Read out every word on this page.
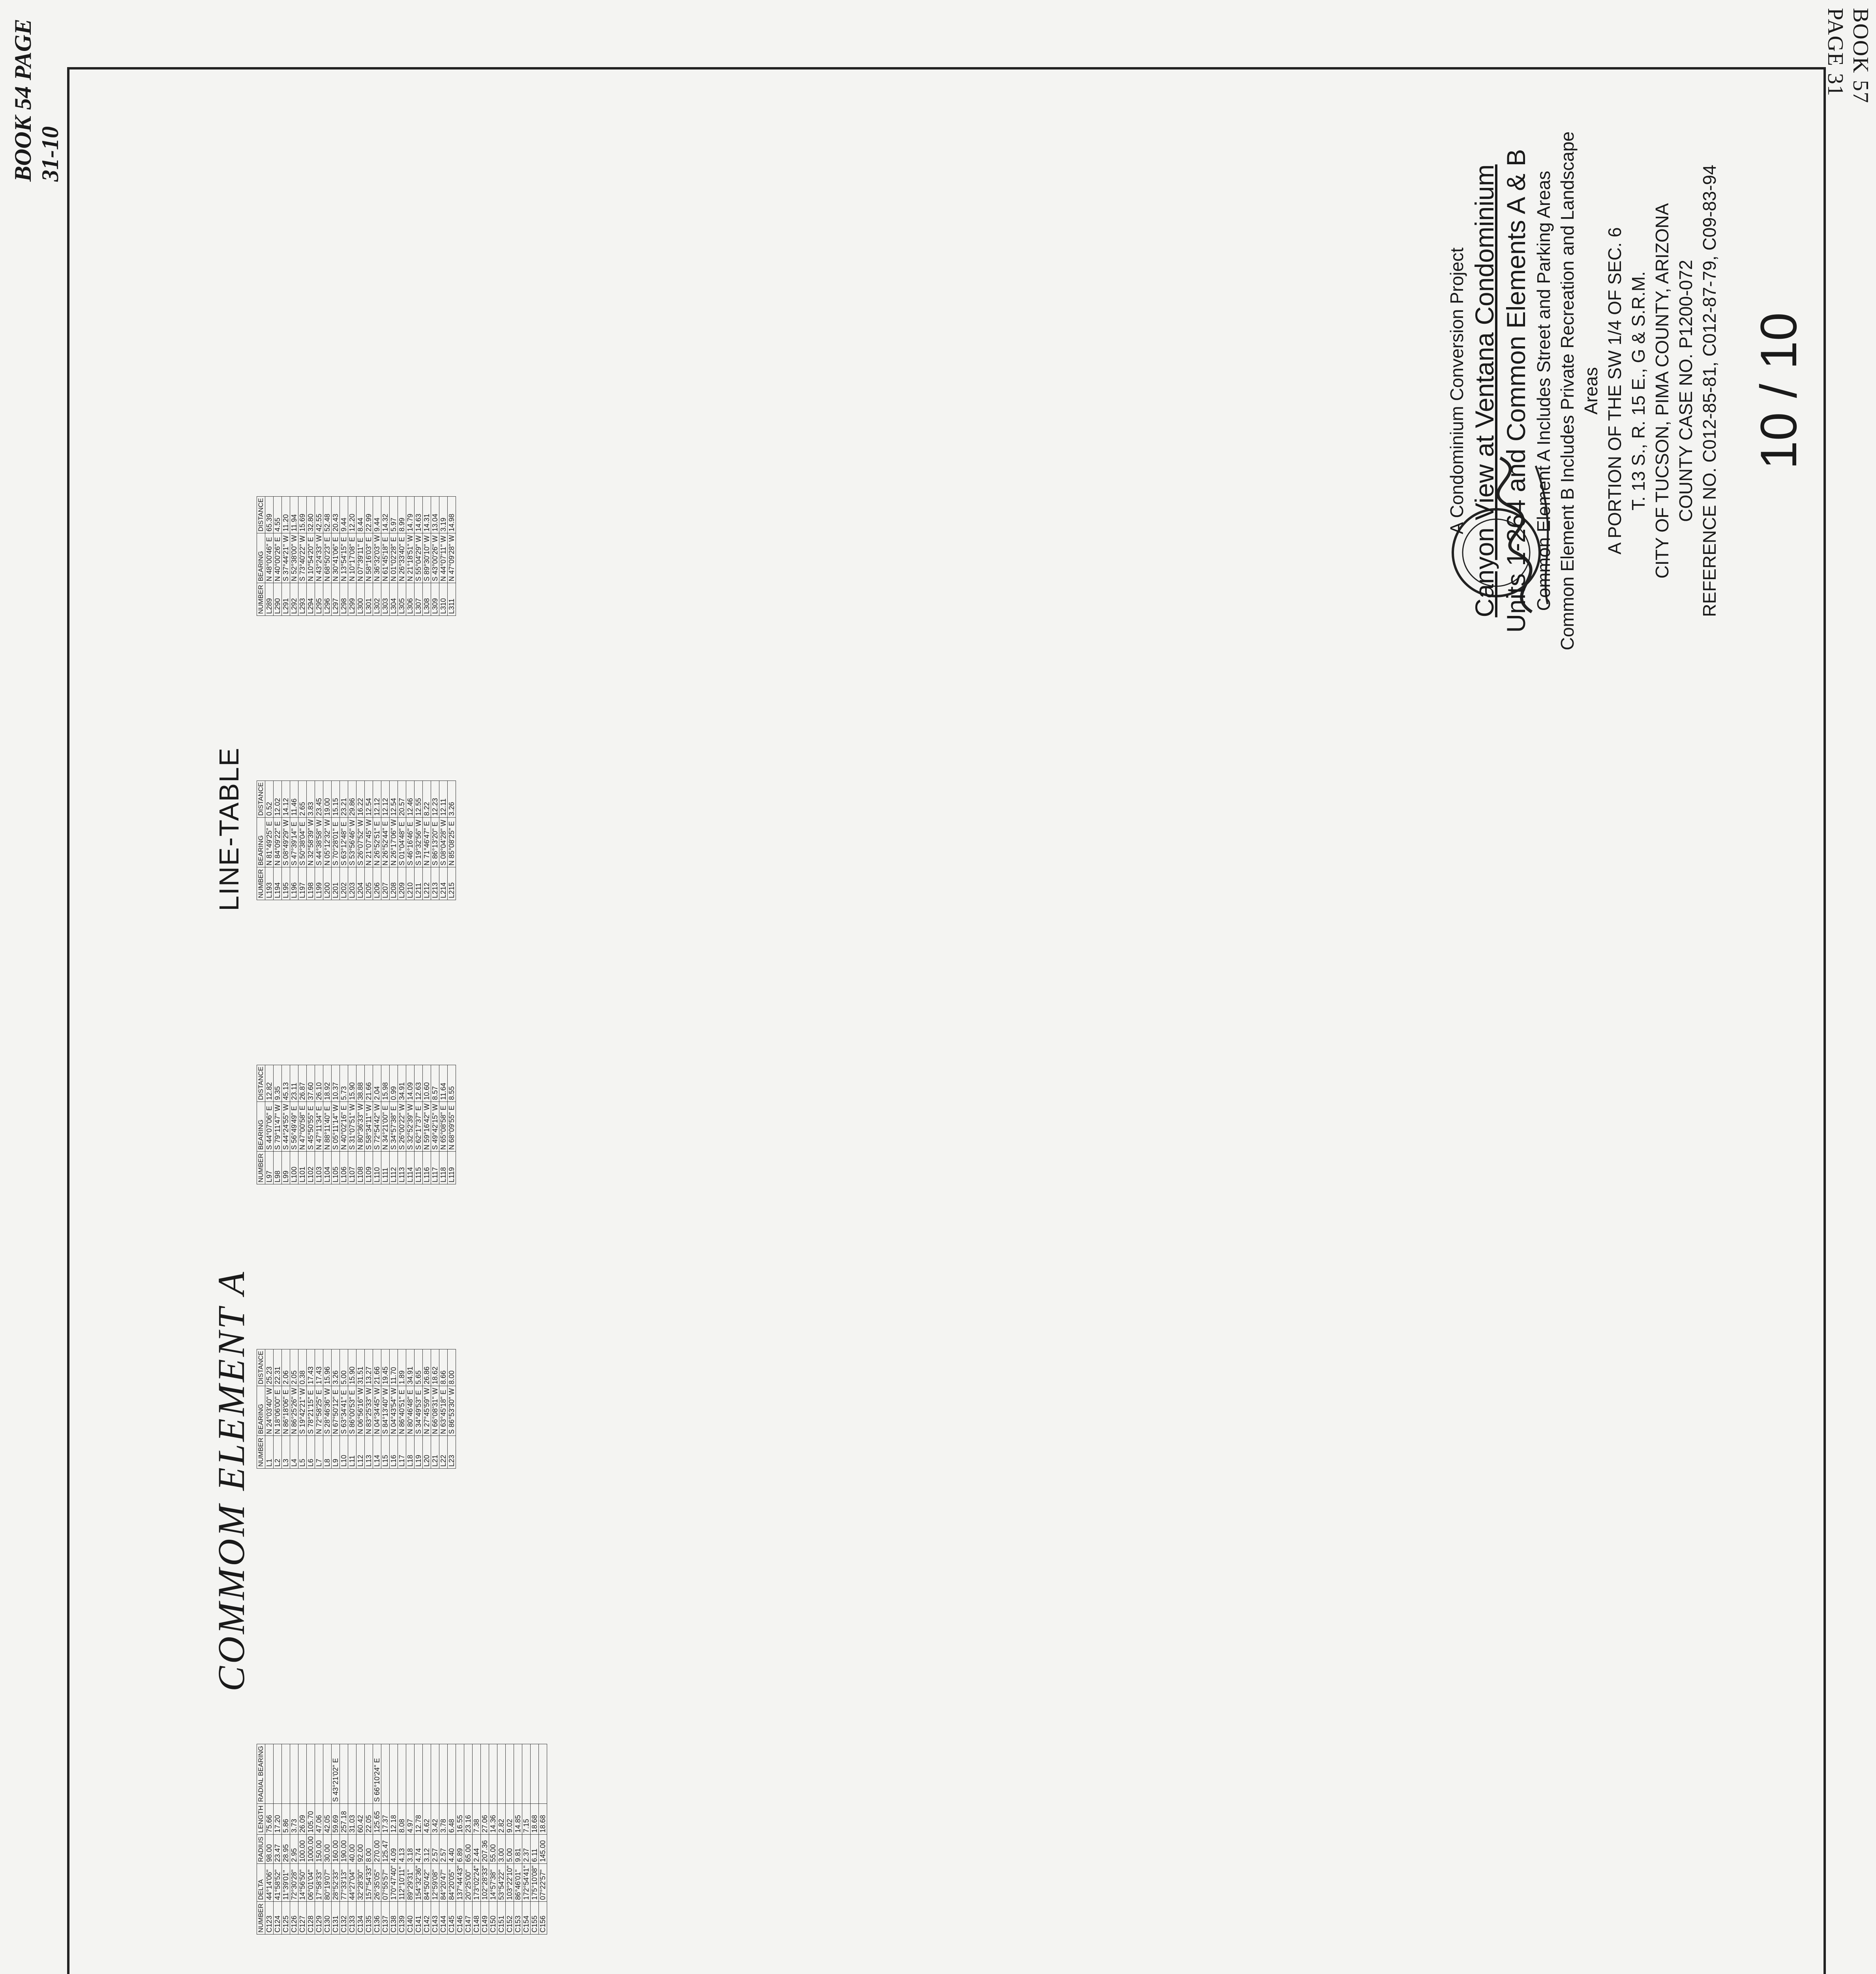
BOOK 57 PAGE 31
BOOK 54 PAGE 31-10
COMMOM ELEMENT A
LINE-TABLE

NUMBER	DELTA	RADIUS	LENGTH	RADIAL BEARING
C123	44°14'06"	98.00	75.66	
C124	41°58'52"	23.47	17.20	
C125	11°39'01"	28.95	5.86	
C126	72°30'28"	2.95	3.73	
C127	14°56'50"	100.00	26.09	
C128	06°01'04"	1000.00	105.70	
C129	17°58'33"	150.00	47.06	
C130	80°19'07"	30.00	42.05	
C131	28°52'33"	160.00	59.69	S 43°21'02" E
C132	77°33'13"	190.00	257.18	
C133	44°27'04"	40.00	31.03	
C134	32°28'30"	92.00	60.42	
C135	157°54'33"	8.00	22.05	
C136	26°35'05"	270.00	125.65	S 66°10'24" E
C137	07°55'57"	125.47	17.37	
C138	170°47'40"	4.09	12.18	
C139	112°10'11"	4.13	8.08	
C140	89°29'31"	3.18	4.97	
C141	154°32'36"	4.74	12.78	
C142	84°50'42"	3.12	4.62	
C143	12°59'08"	2.57	3.42	
C144	84°20'47"	2.57	3.78	
C145	84°20'05"	4.40	6.48	
C146	137°44'43"	6.89	16.55	
C147	20°25'00"	65.00	23.16	
C148	173°02'24"	2.44	7.38	
C149	102°28'33"	207.36	27.06	
C150	14°57'38"	55.00	14.36	
C151	53°54'22"	3.00	2.82	
C152	103°22'10"	5.00	9.02	
C153	86°46'01"	9.81	14.85	
C154	172°54'41"	2.37	7.15	
C155	175°10'08"	6.11	18.68	
C156	07°22'57"	145.00	18.68	
NUMBER	BEARING	DISTANCE
L1	N 24°03'40" W	25.23
L2	N 18°06'00" E	22.31
L3	N 86°18'06" E	2.06
L4	N 86°25'26" W	2.05
L5	S 19°42'21" W	0.38
L6	S 78°21'15" E	17.43
L7	N 72°58'25" E	17.43
L8	S 28°46'36" W	15.96
L9	N 67°50'12" E	3.26
L10	S 63°34'41" E	5.00
L11	S 86°00'53" E	15.90
L12	N 06°56'16" W	31.51
L13	N 83°25'33" W	13.27
L14	N 04°34'45" W	21.66
L15	S 84°13'40" W	19.45
L16	N 04°43'54" W	11.70
L17	N 86°40'51" E	1.89
L18	N 80°46'48" E	34.91
L19	S 34°49'53" E	5.65
L20	N 27°45'59" W	26.86
L21	N 66°08'31" W	18.62
L22	N 63°45'18" E	8.66
L23	S 86°53'30" W	8.00
NUMBER	BEARING	DISTANCE
L97	S 44°07'06" E	12.82
L98	S 79°11'47" W	9.35
L99	S 44°24'55" W	45.13
L100	S 56°49'49" E	23.11
L101	N 47°00'58" E	26.87
L102	S 45°50'55" E	37.60
L103	N 47°11'34" E	26.10
L104	N 88°11'40" E	18.92
L105	S 05°11'14" W	10.37
L106	N 40°02'16" E	5.73
L107	S 31°07'51" W	15.90
L108	N 80°36'33" W	38.88
L109	S 58°34'11" W	21.66
L110	S 72°54'42" W	2.04
L111	N 34°21'00" E	15.98
L112	S 34°57'38" E	0.99
L113	S 26°00'22" W	34.91
L114	S 32°52'39" W	14.09
L115	S 62°17'37" E	12.63
L116	N 59°16'42" W	10.60
L117	S 49°42'15" W	8.57
L118	N 65°08'58" E	11.64
L119	N 68°09'55" E	8.55
NUMBER	BEARING	DISTANCE
L193	N 81°49'25" E	0.52
L194	N 84°09'22" E	12.02
L195	S 08°49'29" W	14.12
L196	S 47°39'14" E	11.46
L197	S 50°38'04" E	2.65
L198	N 32°58'39" W	3.83
L199	S 44°38'58" W	23.45
L200	N 05°12'32" W	19.00
L201	S 70°28'01" E	15.15
L202	S 63°12'48" E	23.21
L203	S 53°56'46" W	29.86
L204	S 26°07'52" W	16.22
L205	N 21°07'45" W	12.54
L206	N 26°52'51" E	12.12
L207	N 26°52'44" E	12.12
L208	N 26°17'06" W	12.54
L209	S 01°04'48" E	20.57
L210	S 46°16'46" E	12.46
L211	S 19°32'56" W	12.55
L212	N 71°46'47" E	8.22
L213	S 86°13'20" E	12.23
L214	S 08°04'28" W	12.11
L215	N 85°08'25" E	3.26
NUMBER	BEARING	DISTANCE
L289	N 48°00'46" E	65.39
L290	N 40°00'26" E	4.55
L291	S 37°44'21" W	11.20
L292	N 52°38'00" W	11.94
L293	S 73°40'22" W	15.69
L294	N 10°54'20" E	32.80
L295	N 43°24'33" W	42.55
L296	N 68°50'23" E	52.48
L297	N 30°41'06" E	20.43
L298	N 13°54'15" E	9.44
L299	N 10°17'08" E	12.20
L300	N 07°39'11" E	8.44
L301	N 58°16'03" E	22.99
L302	N 36°32'03" W	9.44
L303	N 61°45'18" E	14.32
L304	N 01°02'28" E	5.97
L305	N 26°33'40" E	8.99
L306	N 21°18'51" W	14.79
L307	S 55°04'29" W	14.63
L308	S 89°30'10" W	14.31
L309	S 43°00'26" W	13.04
L310	N 44°07'11" W	3.19
L311	N 47°09'28" W	14.98	A Condominium Conversion Project Canyon View at Ventana Condominium Units 1-264 and Common Elements A & B Common Element A Includes Street and Parking Areas Common Element B Includes Private Recreation and Landscape Areas A PORTION OF THE SW 1/4 OF SEC. 6 T. 13 S., R. 15 E., G & S.R.M. CITY OF TUCSON, PIMA COUNTY, ARIZONA COUNTY CASE NO. P1200-072 REFERENCE NO. C012-85-81, C012-87-79, C09-83-94 10 / 10
